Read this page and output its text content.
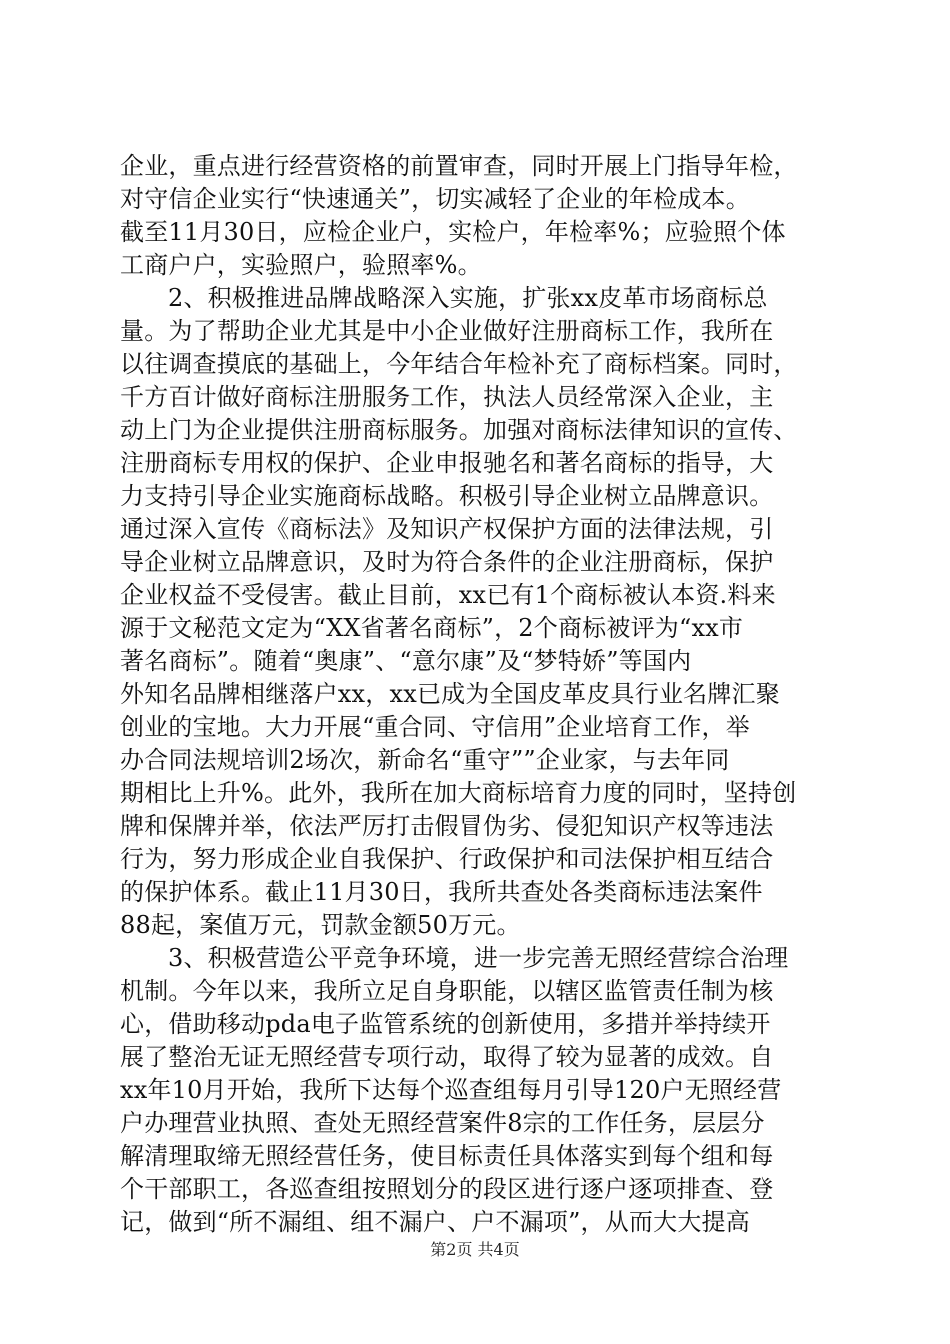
企业，重点进行经营资格的前置审查，同时开展上门指导年检，
对守信企业实行“快速通关”，切实减轻了企业的年检成本。
截至11月30日，应检企业户，实检户，年检率%；应验照个体
工商户户，实验照户，验照率%。
2、积极推进品牌战略深入实施，扩张xx皮革市场商标总
量。为了帮助企业尤其是中小企业做好注册商标工作，我所在
以往调查摸底的基础上，今年结合年检补充了商标档案。同时，
千方百计做好商标注册服务工作，执法人员经常深入企业，主
动上门为企业提供注册商标服务。加强对商标法律知识的宣传、
注册商标专用权的保护、企业申报驰名和著名商标的指导，大
力支持引导企业实施商标战略。积极引导企业树立品牌意识。
通过深入宣传《商标法》及知识产权保护方面的法律法规，引
导企业树立品牌意识，及时为符合条件的企业注册商标，保护
企业权益不受侵害。截止目前，xx已有1个商标被认本资.料来
源于文秘范文定为“XX省著名商标”，2个商标被评为“xx市
著名商标”。随着“奥康”、“意尔康”及“梦特娇”等国内
外知名品牌相继落户xx，xx已成为全国皮革皮具行业名牌汇聚
创业的宝地。大力开展“重合同、守信用”企业培育工作，举
办合同法规培训2场次，新命名“重守””企业家，与去年同
期相比上升%。此外，我所在加大商标培育力度的同时，坚持创
牌和保牌并举，依法严厉打击假冒伪劣、侵犯知识产权等违法
行为，努力形成企业自我保护、行政保护和司法保护相互结合
的保护体系。截止11月30日，我所共查处各类商标违法案件
88起，案值万元，罚款金额50万元。
3、积极营造公平竞争环境，进一步完善无照经营综合治理
机制。今年以来，我所立足自身职能，以辖区监管责任制为核
心，借助移动pda电子监管系统的创新使用，多措并举持续开
展了整治无证无照经营专项行动，取得了较为显著的成效。自
xx年10月开始，我所下达每个巡查组每月引导120户无照经营
户办理营业执照、查处无照经营案件8宗的工作任务，层层分
解清理取缔无照经营任务，使目标责任具体落实到每个组和每
个干部职工，各巡查组按照划分的段区进行逐户逐项排查、登
记，做到“所不漏组、组不漏户、户不漏项”，从而大大提高
第2页 共4页
